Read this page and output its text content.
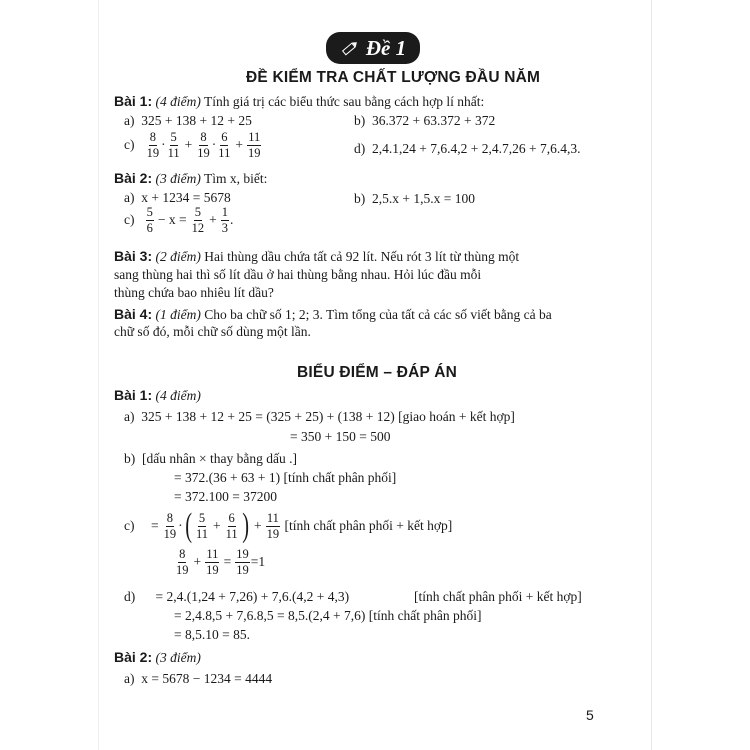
Đề 1
ĐỀ KIỂM TRA CHẤT LƯỢNG ĐẦU NĂM
Bài 1: (4 điểm) Tính giá trị các biểu thức sau bằng cách hợp lí nhất:
a) 325 + 138 + 12 + 25	b) 36.372 + 63.372 + 372
c)
$\frac{8}{19} \cdot \frac{5}{11} + \frac{8}{19} \cdot \frac{6}{11} + \frac{11}{19}$	d) 2,4.1,24 + 7,6.4,2 + 2,4.7,26 + 7,6.4,3.
Bài 2: (3 điểm) Tìm x, biết:
a) x + 1234 = 5678	b) 2,5.x + 1,5.x = 100
c)
$\frac{5}{6} - x = \frac{5}{12} + \frac{1}{3}$ .
Bài 3: (2 điểm) Hai thùng dầu chứa tất cả 92 lít. Nếu rót 3 lít từ thùng một
sang thùng hai thì số lít dầu ở hai thùng bằng nhau. Hỏi lúc đầu mỗi
thùng chứa bao nhiêu lít dầu?
Bài 4: (1 điểm) Cho ba chữ số 1; 2; 3. Tìm tổng của tất cả các số viết bằng cả ba
chữ số đó, mỗi chữ số dùng một lần.
BIỂU ĐIỂM – ĐÁP ÁN
Bài 1: (4 điểm)
a) 325 + 138 + 12 + 25 = (325 + 25) + (138 + 12) [giao hoán + kết hợp]
= 350 + 150 = 500
b) [dấu nhân × thay bằng dấu .]
= 372.(36 + 63 + 1) [tính chất phân phối]
= 372.100 = 37200
c)
= $\frac{8}{19}$ · ( $\frac{5}{11} + \frac{6}{11}$ ) + $\frac{11}{19}$
[tính chất phân phối + kết hợp]
$\frac{8}{19} + \frac{11}{19} = \frac{19}{19} =1$
d) = 2,4.(1,24 + 7,26) + 7,6.(4,2 + 4,3)	[tính chất phân phối + kết hợp]
= 2,4.8,5 + 7,6.8,5 = 8,5.(2,4 + 7,6) [tính chất phân phối]
= 8,5.10 = 85.
Bài 2: (3 điểm)
a) x = 5678 − 1234 = 4444
5
